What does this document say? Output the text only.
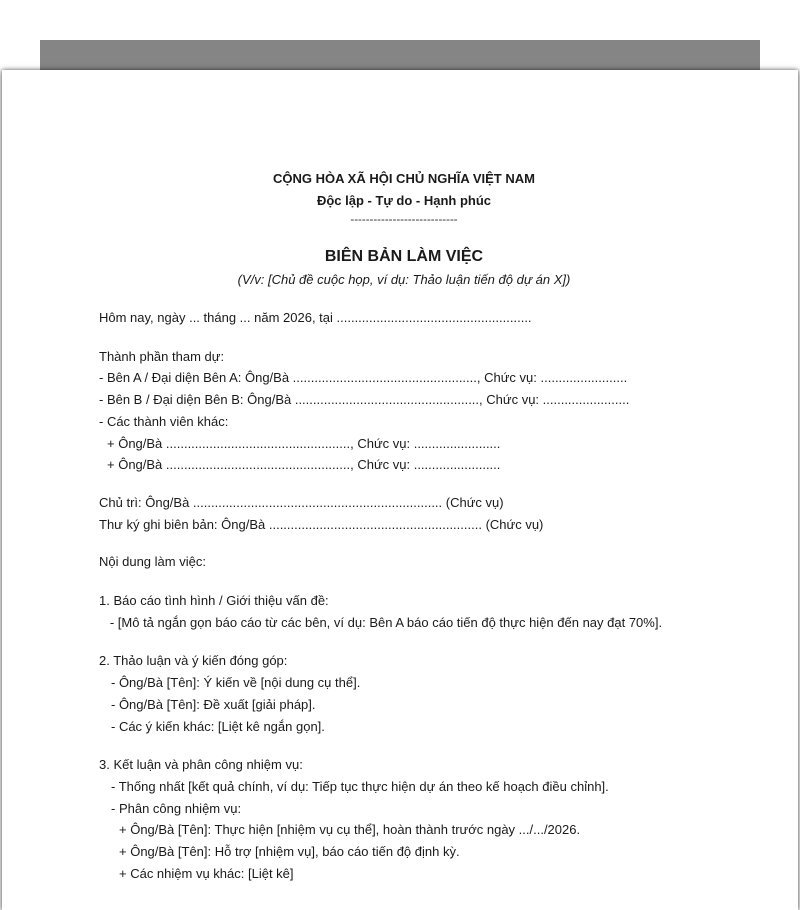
CỘNG HÒA XÃ HỘI CHỦ NGHĨA VIỆT NAM
Độc lập - Tự do - Hạnh phúc
----------------------------
BIÊN BẢN LÀM VIỆC
(V/v: [Chủ đề cuộc họp, ví dụ: Thảo luận tiến độ dự án X])
Hôm nay, ngày ... tháng ... năm 2026, tại ......................................................
Thành phần tham dự:
- Bên A / Đại diện Bên A: Ông/Bà ..................................................., Chức vụ: ........................
- Bên B / Đại diện Bên B: Ông/Bà ..................................................., Chức vụ: ........................
- Các thành viên khác:
+ Ông/Bà ..................................................., Chức vụ: ........................
+ Ông/Bà ..................................................., Chức vụ: ........................
Chủ trì: Ông/Bà ..................................................................... (Chức vụ)
Thư ký ghi biên bản: Ông/Bà ........................................................... (Chức vụ)
Nội dung làm việc:
1. Báo cáo tình hình / Giới thiệu vấn đề:
- [Mô tả ngắn gọn báo cáo từ các bên, ví dụ: Bên A báo cáo tiến độ thực hiện đến nay đạt 70%].
2. Thảo luận và ý kiến đóng góp:
- Ông/Bà [Tên]: Ý kiến về [nội dung cụ thể].
- Ông/Bà [Tên]: Đề xuất [giải pháp].
- Các ý kiến khác: [Liệt kê ngắn gọn].
3. Kết luận và phân công nhiệm vụ:
- Thống nhất [kết quả chính, ví dụ: Tiếp tục thực hiện dự án theo kế hoạch điều chỉnh].
- Phân công nhiệm vụ:
+ Ông/Bà [Tên]: Thực hiện [nhiệm vụ cụ thể], hoàn thành trước ngày .../.../2026.
+ Ông/Bà [Tên]: Hỗ trợ [nhiệm vụ], báo cáo tiến độ định kỳ.
+ Các nhiệm vụ khác: [Liệt kê]
